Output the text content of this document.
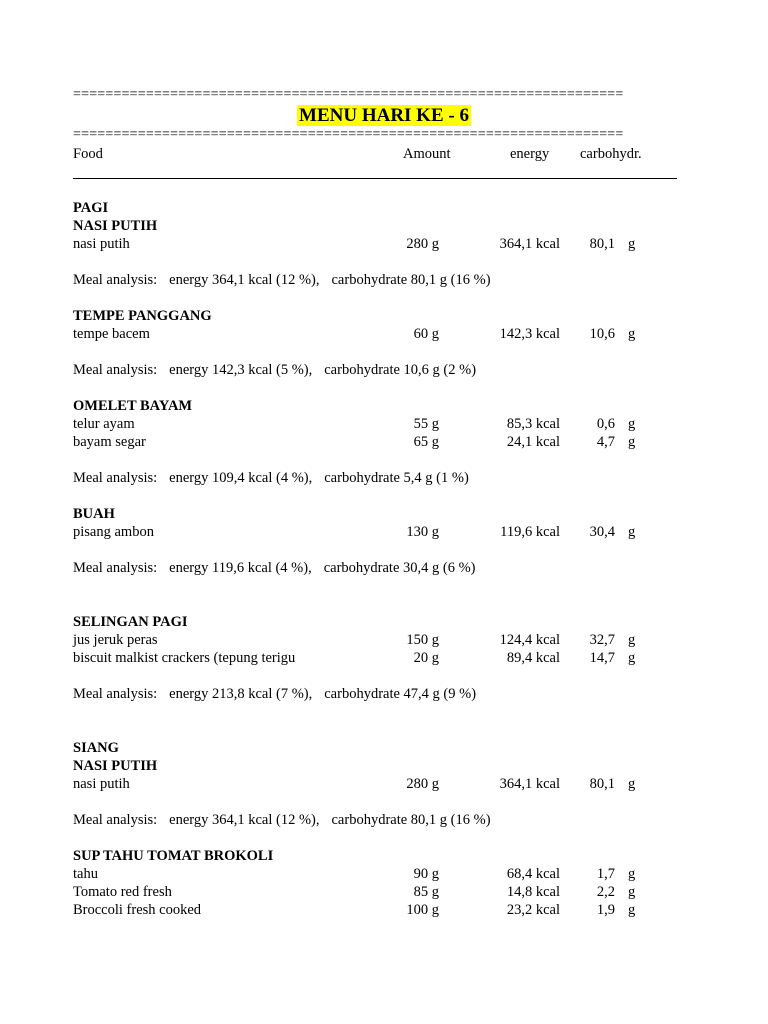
====================================================================
MENU HARI KE - 6
====================================================================
Food	Amount	energy carbohydr.
PAGI
NASI PUTIH
nasi putih	280 g	364,1 kcal	80,1 g
Meal analysis: energy 364,1 kcal (12 %), carbohydrate 80,1 g (16 %)
TEMPE PANGGANG
tempe bacem	60 g	142,3 kcal	10,6 g
Meal analysis: energy 142,3 kcal (5 %), carbohydrate 10,6 g (2 %)
OMELET BAYAM
telur ayam	55 g	85,3 kcal	0,6 g
bayam segar	65 g	24,1 kcal	4,7 g
Meal analysis: energy 109,4 kcal (4 %), carbohydrate 5,4 g (1 %)
BUAH
pisang ambon	130 g	119,6 kcal	30,4 g
Meal analysis: energy 119,6 kcal (4 %), carbohydrate 30,4 g (6 %)
SELINGAN PAGI
jus jeruk peras	150 g	124,4 kcal	32,7 g
biscuit malkist crackers (tepung terigu	20 g	89,4 kcal	14,7 g
Meal analysis: energy 213,8 kcal (7 %), carbohydrate 47,4 g (9 %)
SIANG
NASI PUTIH
nasi putih	280 g	364,1 kcal	80,1 g
Meal analysis: energy 364,1 kcal (12 %), carbohydrate 80,1 g (16 %)
SUP TAHU TOMAT BROKOLI
tahu	90 g	68,4 kcal	1,7 g
Tomato red fresh	85 g	14,8 kcal	2,2 g
Broccoli fresh cooked	100 g	23,2 kcal	1,9 g
